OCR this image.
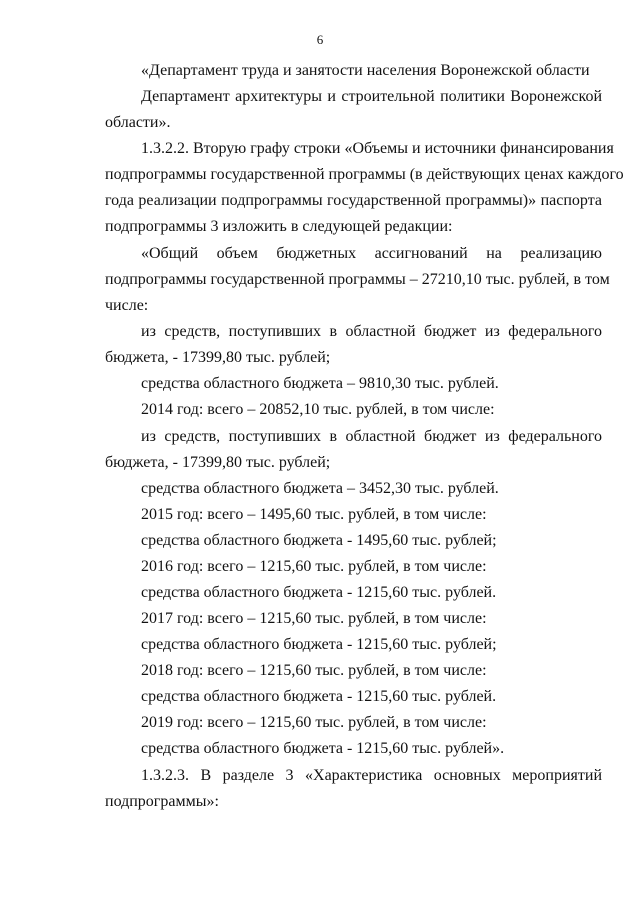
6
«Департамент труда и занятости населения Воронежской области
Департамент архитектуры и строительной политики Воронежской
области».
1.3.2.2. Вторую графу строки «Объемы и источники финансирования
подпрограммы государственной программы (в действующих ценах каждого
года реализации подпрограммы государственной программы)» паспорта
подпрограммы 3 изложить в следующей редакции:
«Общий объем бюджетных ассигнований на реализацию
подпрограммы государственной программы – 27210,10 тыс. рублей, в том
числе:
из средств, поступивших в областной бюджет из федерального
бюджета, - 17399,80 тыс. рублей;
средства областного бюджета – 9810,30 тыс. рублей.
2014 год: всего – 20852,10 тыс. рублей, в том числе:
из средств, поступивших в областной бюджет из федерального
бюджета, - 17399,80 тыс. рублей;
средства областного бюджета – 3452,30 тыс. рублей.
2015 год: всего – 1495,60 тыс. рублей, в том числе:
средства областного бюджета - 1495,60 тыс. рублей;
2016 год: всего – 1215,60 тыс. рублей, в том числе:
средства областного бюджета - 1215,60 тыс. рублей.
2017 год: всего – 1215,60 тыс. рублей, в том числе:
средства областного бюджета - 1215,60 тыс. рублей;
2018 год: всего – 1215,60 тыс. рублей, в том числе:
средства областного бюджета - 1215,60 тыс. рублей.
2019 год: всего – 1215,60 тыс. рублей, в том числе:
средства областного бюджета - 1215,60 тыс. рублей».
1.3.2.3. В разделе 3 «Характеристика основных мероприятий
подпрограммы»:
